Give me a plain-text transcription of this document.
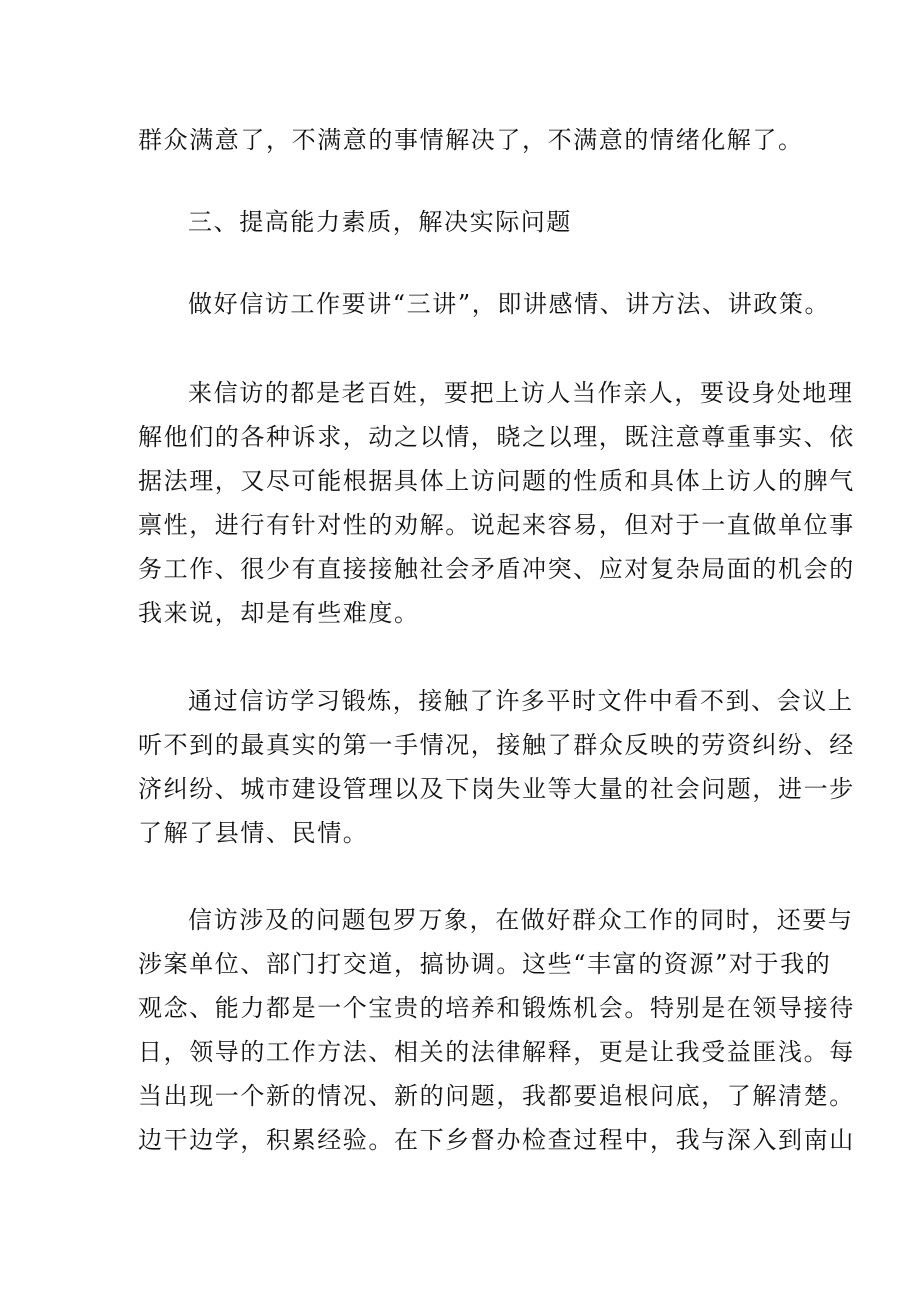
群众满意了，不满意的事情解决了，不满意的情绪化解了。
三、提高能力素质，解决实际问题
做好信访工作要讲“三讲”，即讲感情、讲方法、讲政策。
来信访的都是老百姓，要把上访人当作亲人，要设身处地理
解他们的各种诉求，动之以情，晓之以理，既注意尊重事实、依
据法理，又尽可能根据具体上访问题的性质和具体上访人的脾气
禀性，进行有针对性的劝解。说起来容易，但对于一直做单位事
务工作、很少有直接接触社会矛盾冲突、应对复杂局面的机会的
我来说，却是有些难度。
通过信访学习锻炼，接触了许多平时文件中看不到、会议上
听不到的最真实的第一手情况，接触了群众反映的劳资纠纷、经
济纠纷、城市建设管理以及下岗失业等大量的社会问题，进一步
了解了县情、民情。
信访涉及的问题包罗万象，在做好群众工作的同时，还要与
涉案单位、部门打交道，搞协调。这些“丰富的资源”对于我的
观念、能力都是一个宝贵的培养和锻炼机会。特别是在领导接待
日，领导的工作方法、相关的法律解释，更是让我受益匪浅。每
当出现一个新的情况、新的问题，我都要追根问底，了解清楚。
边干边学，积累经验。在下乡督办检查过程中，我与深入到南山
